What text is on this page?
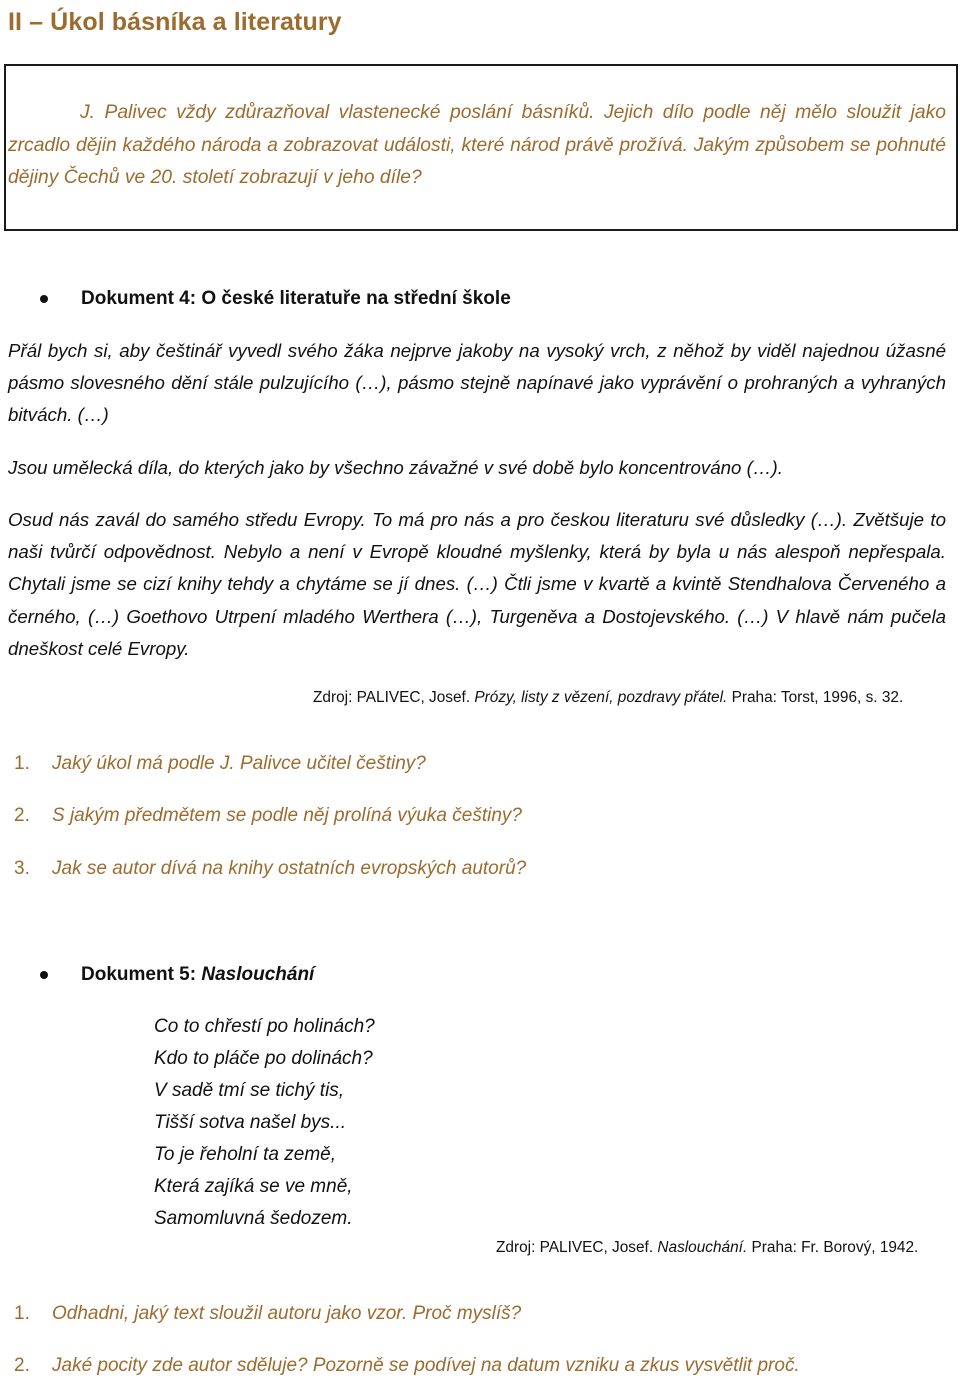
II – Úkol básníka a literatury

J. Palivec vždy zdůrazňoval vlastenecké poslání básníků. Jejich dílo podle něj mělo sloužit jako zrcadlo dějin každého národa a zobrazovat události, které národ právě prožívá. Jakým způsobem se pohnuté dějiny Čechů ve 20. století zobrazují v jeho díle?

Dokument 4: O české literatuře na střední škole

Přál bych si, aby češtinář vyvedl svého žáka nejprve jakoby na vysoký vrch, z něhož by viděl najednou úžasné pásmo slovesného dění stále pulzujícího (…), pásmo stejně napínavé jako vyprávění o prohraných a vyhraných bitvách. (…)

Jsou umělecká díla, do kterých jako by všechno závažné v své době bylo koncentrováno (…).

Osud nás zavál do samého středu Evropy. To má pro nás a pro českou literaturu své důsledky (…). Zvětšuje to naši tvůrčí odpovědnost. Nebylo a není v Evropě kloudné myšlenky, která by byla u nás alespoň nepřespala. Chytali jsme se cizí knihy tehdy a chytáme se jí dnes. (…) Čtli jsme v kvartě a kvintě Stendhalova Červeného a černého, (…) Goethovo Utrpení mladého Werthera (…), Turgeněva a Dostojevského. (…) V hlavě nám pučela dneškost celé Evropy.

Zdroj: PALIVEC, Josef. Prózy, listy z vězení, pozdravy přátel. Praha: Torst, 1996, s. 32.

1. Jaký úkol má podle J. Palivce učitel češtiny?
2. S jakým předmětem se podle něj prolíná výuka češtiny?
3. Jak se autor dívá na knihy ostatních evropských autorů?

Dokument 5: Naslouchání

Co to chřestí po holinách?
Kdo to pláče po dolinách?
V sadě tmí se tichý tis,
Tišší sotva našel bys...
To je řeholní ta země,
Která zajíká se ve mně,
Samomluvná šedozem.

Zdroj: PALIVEC, Josef. Naslouchání. Praha: Fr. Borový, 1942.

1. Odhadni, jaký text sloužil autoru jako vzor. Proč myslíš?
2. Jaké pocity zde autor sděluje? Pozorně se podívej na datum vzniku a zkus vysvětlit proč.
